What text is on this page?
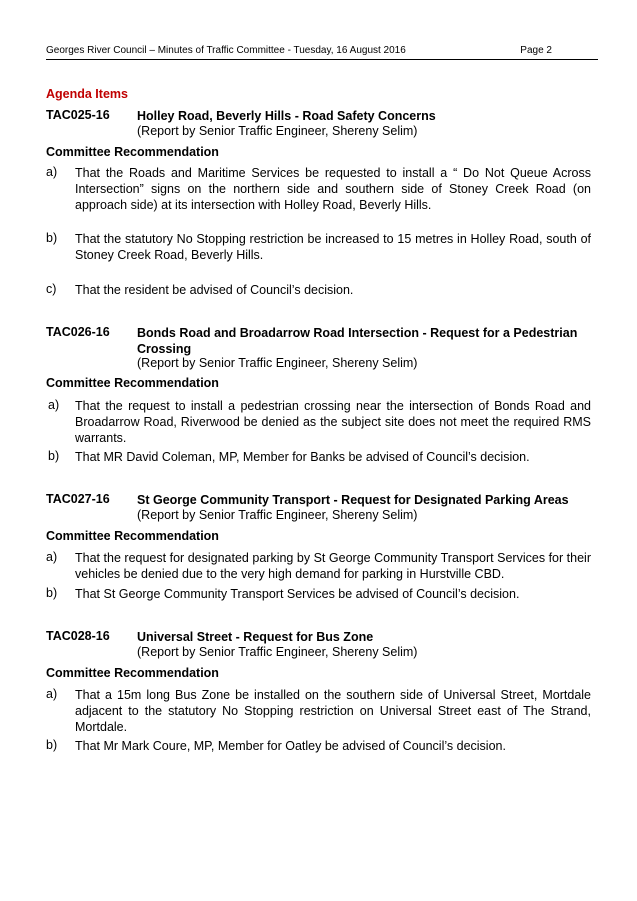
Georges River Council – Minutes of Traffic Committee - Tuesday, 16 August 2016	Page 2
Agenda Items
TAC025-16 Holley Road, Beverly Hills - Road Safety Concerns
(Report by Senior Traffic Engineer, Shereny Selim)
Committee Recommendation
a) That the Roads and Maritime Services be requested to install a “ Do Not Queue Across Intersection” signs on the northern side and southern side of Stoney Creek Road (on approach side) at its intersection with Holley Road, Beverly Hills.
b) That the statutory No Stopping restriction be increased to 15 metres in Holley Road, south of Stoney Creek Road, Beverly Hills.
c) That the resident be advised of Council’s decision.
TAC026-16 Bonds Road and Broadarrow Road Intersection - Request for a Pedestrian Crossing
(Report by Senior Traffic Engineer, Shereny Selim)
Committee Recommendation
a) That the request to install a pedestrian crossing near the intersection of Bonds Road and Broadarrow Road, Riverwood be denied as the subject site does not meet the required RMS warrants.
b) That MR David Coleman, MP, Member for Banks be advised of Council’s decision.
TAC027-16 St George Community Transport - Request for Designated Parking Areas
(Report by Senior Traffic Engineer, Shereny Selim)
Committee Recommendation
a) That the request for designated parking by St George Community Transport Services for their vehicles be denied due to the very high demand for parking in Hurstville CBD.
b) That St George Community Transport Services be advised of Council’s decision.
TAC028-16 Universal Street - Request for Bus Zone
(Report by Senior Traffic Engineer, Shereny Selim)
Committee Recommendation
a) That a 15m long Bus Zone be installed on the southern side of Universal Street, Mortdale adjacent to the statutory No Stopping restriction on Universal Street east of The Strand, Mortdale.
b) That Mr Mark Coure, MP, Member for Oatley be advised of Council’s decision.
